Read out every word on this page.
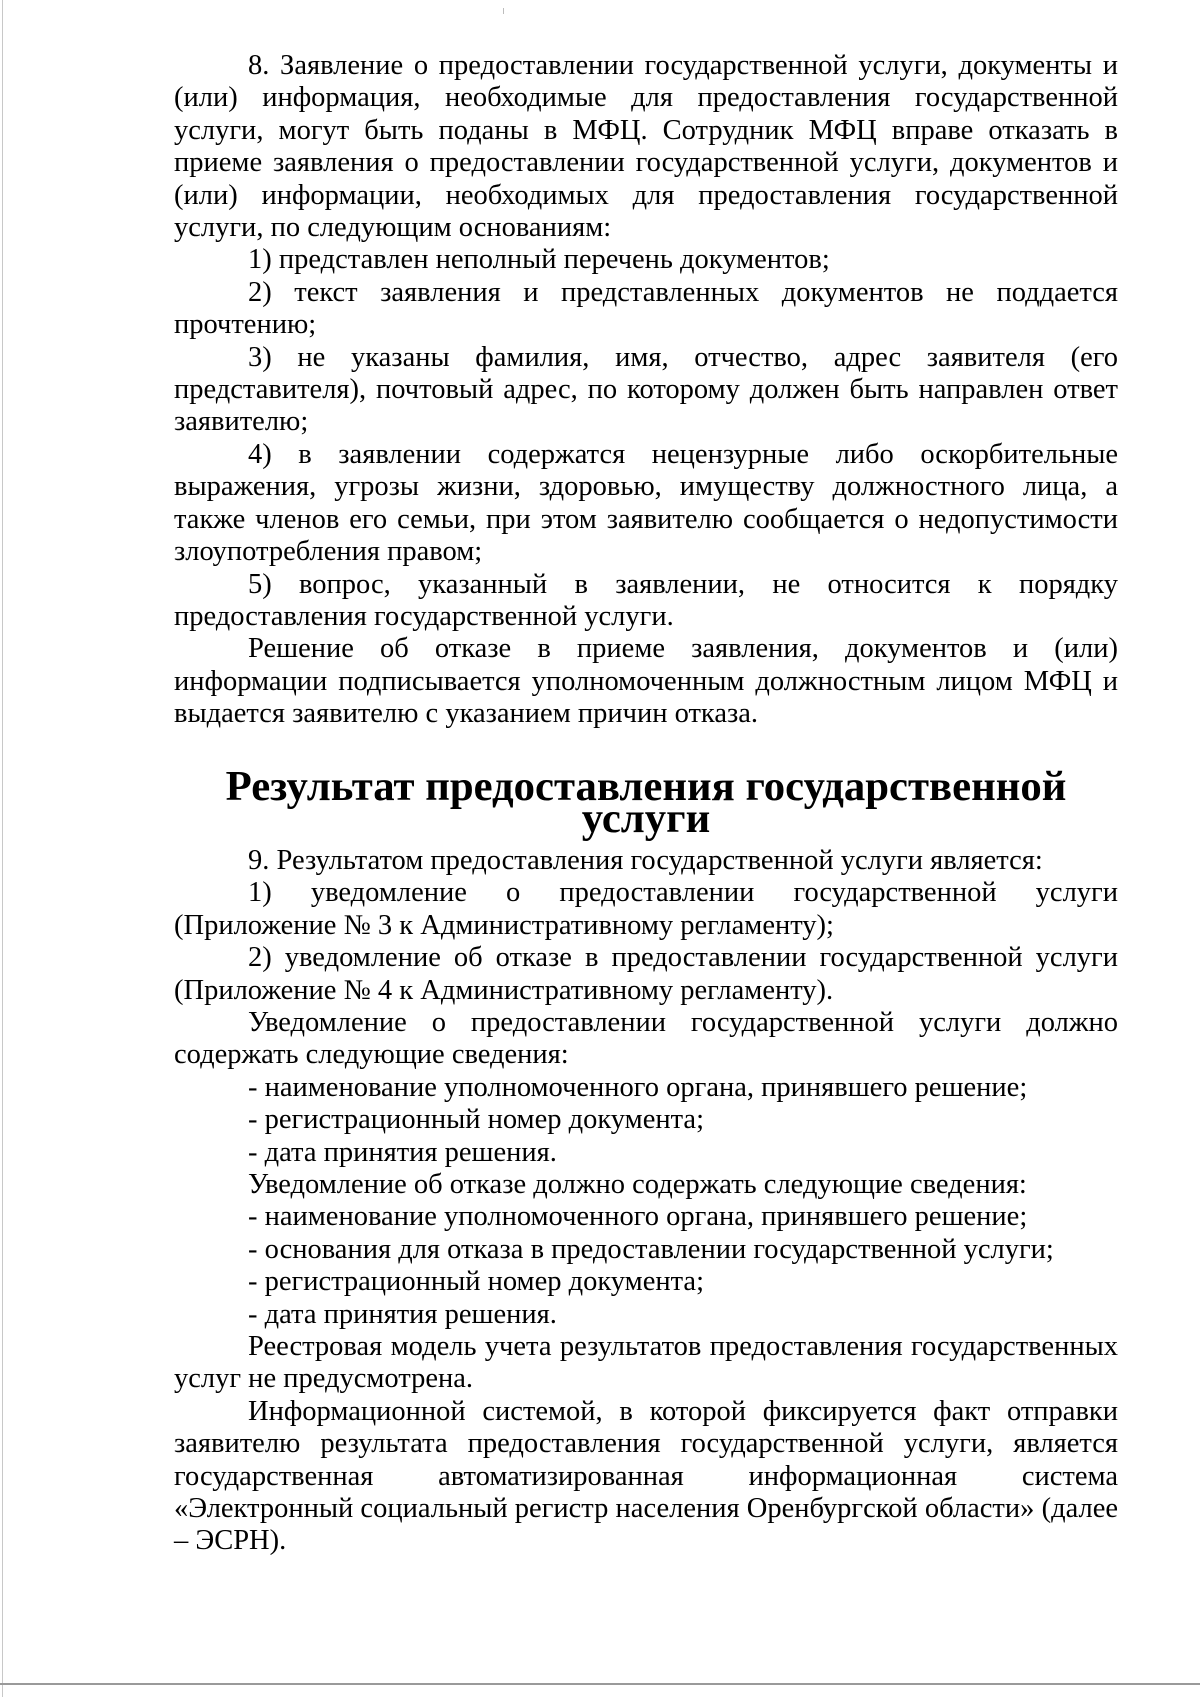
8. Заявление о предоставлении государственной услуги, документы и (или) информация, необходимые для предоставления государственной услуги, могут быть поданы в МФЦ. Сотрудник МФЦ вправе отказать в приеме заявления о предоставлении государственной услуги, документов и (или) информации, необходимых для предоставления государственной услуги, по следующим основаниям:

1) представлен неполный перечень документов;

2) текст заявления и представленных документов не поддается прочтению;

3) не указаны фамилия, имя, отчество, адрес заявителя (его представителя), почтовый адрес, по которому должен быть направлен ответ заявителю;

4) в заявлении содержатся нецензурные либо оскорбительные выражения, угрозы жизни, здоровью, имуществу должностного лица, а также членов его семьи, при этом заявителю сообщается о недопустимости злоупотребления правом;

5) вопрос, указанный в заявлении, не относится к порядку предоставления государственной услуги.

Решение об отказе в приеме заявления, документов и (или) информации подписывается уполномоченным должностным лицом МФЦ и выдается заявителю с указанием причин отказа.

Результат предоставления государственной услуги

9. Результатом предоставления государственной услуги является:

1) уведомление о предоставлении государственной услуги (Приложение № 3 к Административному регламенту);

2) уведомление об отказе в предоставлении государственной услуги (Приложение № 4 к Административному регламенту).

Уведомление о предоставлении государственной услуги должно содержать следующие сведения:

- наименование уполномоченного органа, принявшего решение;

- регистрационный номер документа;

- дата принятия решения.

Уведомление об отказе должно содержать следующие сведения:

- наименование уполномоченного органа, принявшего решение;

- основания для отказа в предоставлении государственной услуги;

- регистрационный номер документа;

- дата принятия решения.

Реестровая модель учета результатов предоставления государственных услуг не предусмотрена.

Информационной системой, в которой фиксируется факт отправки заявителю результата предоставления государственной услуги, является государственная автоматизированная информационная система «Электронный социальный регистр населения Оренбургской области» (далее – ЭСРН).
